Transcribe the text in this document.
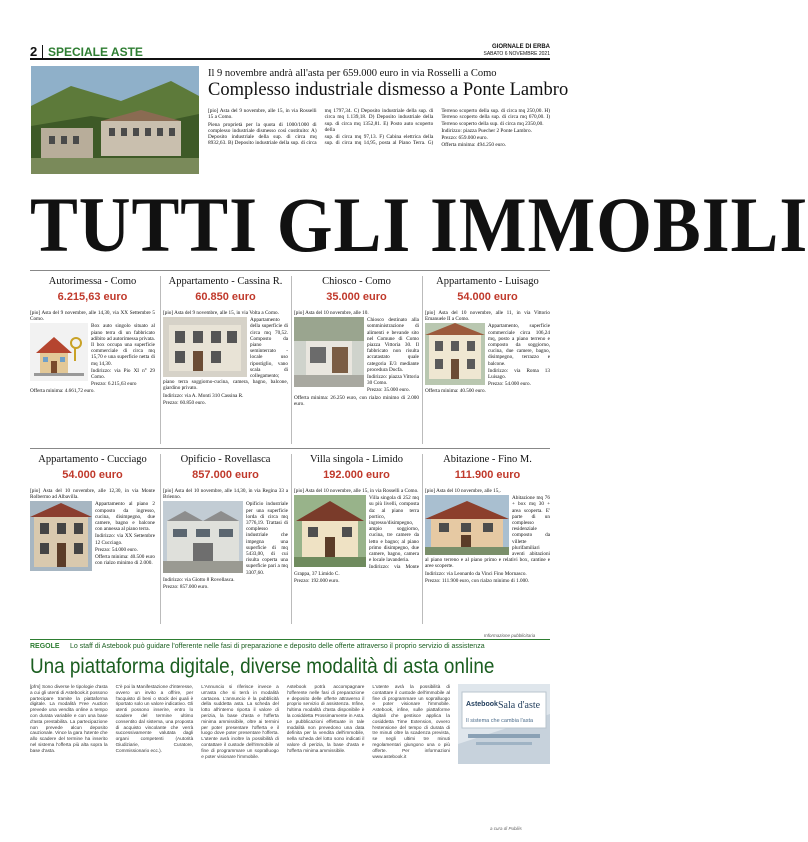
2 SPECIALE ASTE	GIORNALE DI ERBA
SABATO 6 NOVEMBRE 2021
Il 9 novembre andrà all'asta per 659.000 euro in via Rosselli a Como
Complesso industriale dismesso a Ponte Lambro

[pio] Asta del 9 novembre, alle 15, in via Rosselli 15 a Como.

Piena proprietà per la quota di 1000/1000 di complesso industriale dismesso così costituito: A) Deposito industriale della sup. di circa mq 8932,63. B) Deposito industriale della sup. di circa mq 1797,34. C) Deposito industriale della sup. di circa mq 1.139,18. D) Deposito industriale della sup. di circa mq 1352,81. E) Posto auto scoperto della

sup. di circa mq 97,13. F) Cabina elettrica della sup. di circa mq 14,95, posta al Piano Terra. G) Terreno scoperto della sup. di circa mq 250,00. H) Terreno scoperto della sup. di circa mq 670,00. I) Terreno scoperto della sup. di circa mq 2350,00.

Indirizzo: piazza Puecher 2 Ponte Lambro.

Prezzo: 659.000 euro.

Offerta minima: 494.250 euro.

TUTTI GLI IMMOBILI
Autorimessa - Como
6.215,63 euro

[pio] Asta del 9 novembre, alle 14,30, via XX Settembre 5 Como.

Box auto singolo situato al piano terra di un fabbricato adibito ad autorimessa privata. Il box occupa una superficie commerciale di circa mq 15,70 e una superficie netta di mq 14,30.

Indirizzo: via Pio XI n° 29 Como.

Prezzo: 6.215,63 euro

Offerta minima: 4.661,72 euro.

Appartamento - Cassina R.
60.850 euro

[pio] Asta del 9 novembre, alle 15, in via Volta a Como.

Appartamento della superficie di circa mq 70,52. Composto da piano seminterrato - locale uso ripostiglio, vano scala di collegamento; piano terra soggiorno-cucina, camera, bagno, balcone, giardino privato.

Indirizzo: via A. Monti 310 Cassina R.

Prezzo: 60.850 euro.

Chiosco - Como
35.000 euro

[pio] Asta del 10 novembre, alle 10.

Chiosco destinato alla somministrazione di alimenti e bevande sito nel Comune di Como piazza Vittoria 30. Il fabbricato non risulta accatastato quale categoria E/3 mediante procedura Docfa.

Indirizzo: piazza Vittoria 30 Como.

Prezzo: 35.000 euro.

Offerta minima: 26.250 euro, con rialzo minimo di 2.000 euro.

Appartamento - Luisago
54.000 euro

[pio] Asta del 10 novembre, alle 11, in via Vittorio Emanuele II a Como.

Appartamento, superficie commerciale circa 106,24 mq, posto a piano terreno e composto da soggiorno, cucina, due camere, bagno, disimpegno, terrazzo e balcone.

Indirizzo: via Roma 13 Luisago.

Prezzo: 54.000 euro.

Offerta minima: 40.500 euro.

Appartamento - Cucciago
54.000 euro

[pio] Asta del 10 novembre, alle 12,30, in via Monte Rolbermo ad Albavilla.

Appartamento al piano 2 composto da ingresso, cucina, disimpegno, due camere, bagno e balcone con annessa al piano terra.

Indirizzo: via XX Settembre 12 Cucciago.

Prezzo: 54.000 euro.

Offerta minima: 40.500 euro con rialzo minimo di 2.000.

Opificio - Rovellasca
857.000 euro

[pio] Asta del 10 novembre, alle 14,30, in via Regina 33 a Brienno.

Opificio industriale per una superficie lorda di circa mq 3776,19. Trattasi di complesso industriale che impegna una superficie di mq 5433,00, di cui risulta coperta una superficie pari a mq 3307,60.

Indirizzo: via Giotto 8 Rovellasca.

Prezzo: 857.000 euro.

Villa singola - Limido
192.000 euro

[pio] Asta del 10 novembre, alle 15, in via Rosselli a Como.

Villa singola di 252 mq su più livelli, composta da: al piano terra portico, ingresso/disimpegno, ampio soggiorno, cucina, tre camere da letto e bagno; al piano primo disimpegno, due camere, bagno, camera e locale lavanderia.

Indirizzo: via Monte Grappa, 37 Limido C.

Prezzo: 192.000 euro.

Abitazione - Fino M.
111.900 euro

[pio] Asta del 10 novembre, alle 15,.

Abitazione mq 76 + box mq 30 + area scoperta. E' parte di un complesso residenziale composto da villette plurifamiliari aventi abitazioni al piano terreno e al piano primo e relativi box, cantine e aree scoperte.

Indirizzo: via Leonardo da Vinci Fino Mornasco.

Prezzo: 111.900 euro, con rialzo minimo di 1.000.

Informazione pubblicitaria
REGOLE Lo staff di Astebook può guidare l'offerente nelle fasi di preparazione e deposito delle offerte attraverso il proprio servizio di assistenza
Una piattaforma digitale, diverse modalità di asta online

[pfm] Sono diverse le tipologie d'asta a cui gli utenti di Astebook.it possono partecipare tramite la piattaforma digitale. La modalità Free Auction prevede una vendita online a tempo con durata variabile e con una base d'asta prestabilita. La partecipazione non prevede alcun deposito cauzionale. Vince la gara l'utente che allo scadere del termine ha inserito nel sistema l'offerta più alta sopra la base d'asta.

C'è poi la Manifestazione d'interesse, ovvero un invito a offrire, per l'acquisto di beni o stock dei quali è riportato solo un valore indicativo. Gli utenti possono inserire, entro lo scadere del termine ultimo consentito dal sistema, una proposta di acquisto vincolante che verrà successivamente valutata dagli organi competenti (Autorità Giudiziarie, Curatore, Commissionario ecc.).

L'Annuncio si riferisce invece a un'asta che si terrà in modalità cartacea. L'annuncio è la pubblicità della suddetta asta. La scheda del lotto all'interno riporta il valore di perizia, la base d'asta e l'offerta minima ammissibile, oltre ai termini per poter presentare l'offerta e il luogo dove poter presentare l'offerta. L'utente avrà inoltre la possibilità di contattare il custode dell'immobile al fine di programmare un sopralluogo e poter visionare l'immobile.

Astebook potrà accompagnare l'offerente nelle fasi di preparazione e deposito delle offerte attraverso il proprio servizio di assistenza. Infine, l'ultima modalità d'asta disponibile è la cosiddetta Prossimamente in Asta. Le pubblicazioni effettuate in tale modalità non prevedono una data definita per la vendita dell'immobile, nella scheda del lotto sono indicati il valore di perizia, la base d'asta e l'offerta minima ammissibile.

L'utente avrà la possibilità di contattare il custode dell'immobile al fine di programmare un sopralluogo e poter visionare l'immobile. Astebook, infine, sulle piattaforme digitali che gestisce applica la cosiddetta Time Extension, ovvero l'estensione del tempo di durata di tre minuti oltre la scadenza prevista, se negli ultimi tre minuti regolamentari giungono una o più offerte. Per informazioni www.astebook.it

Astebook Sala d'aste
Il sistema che cambia l'asta
a cura di Publiis
